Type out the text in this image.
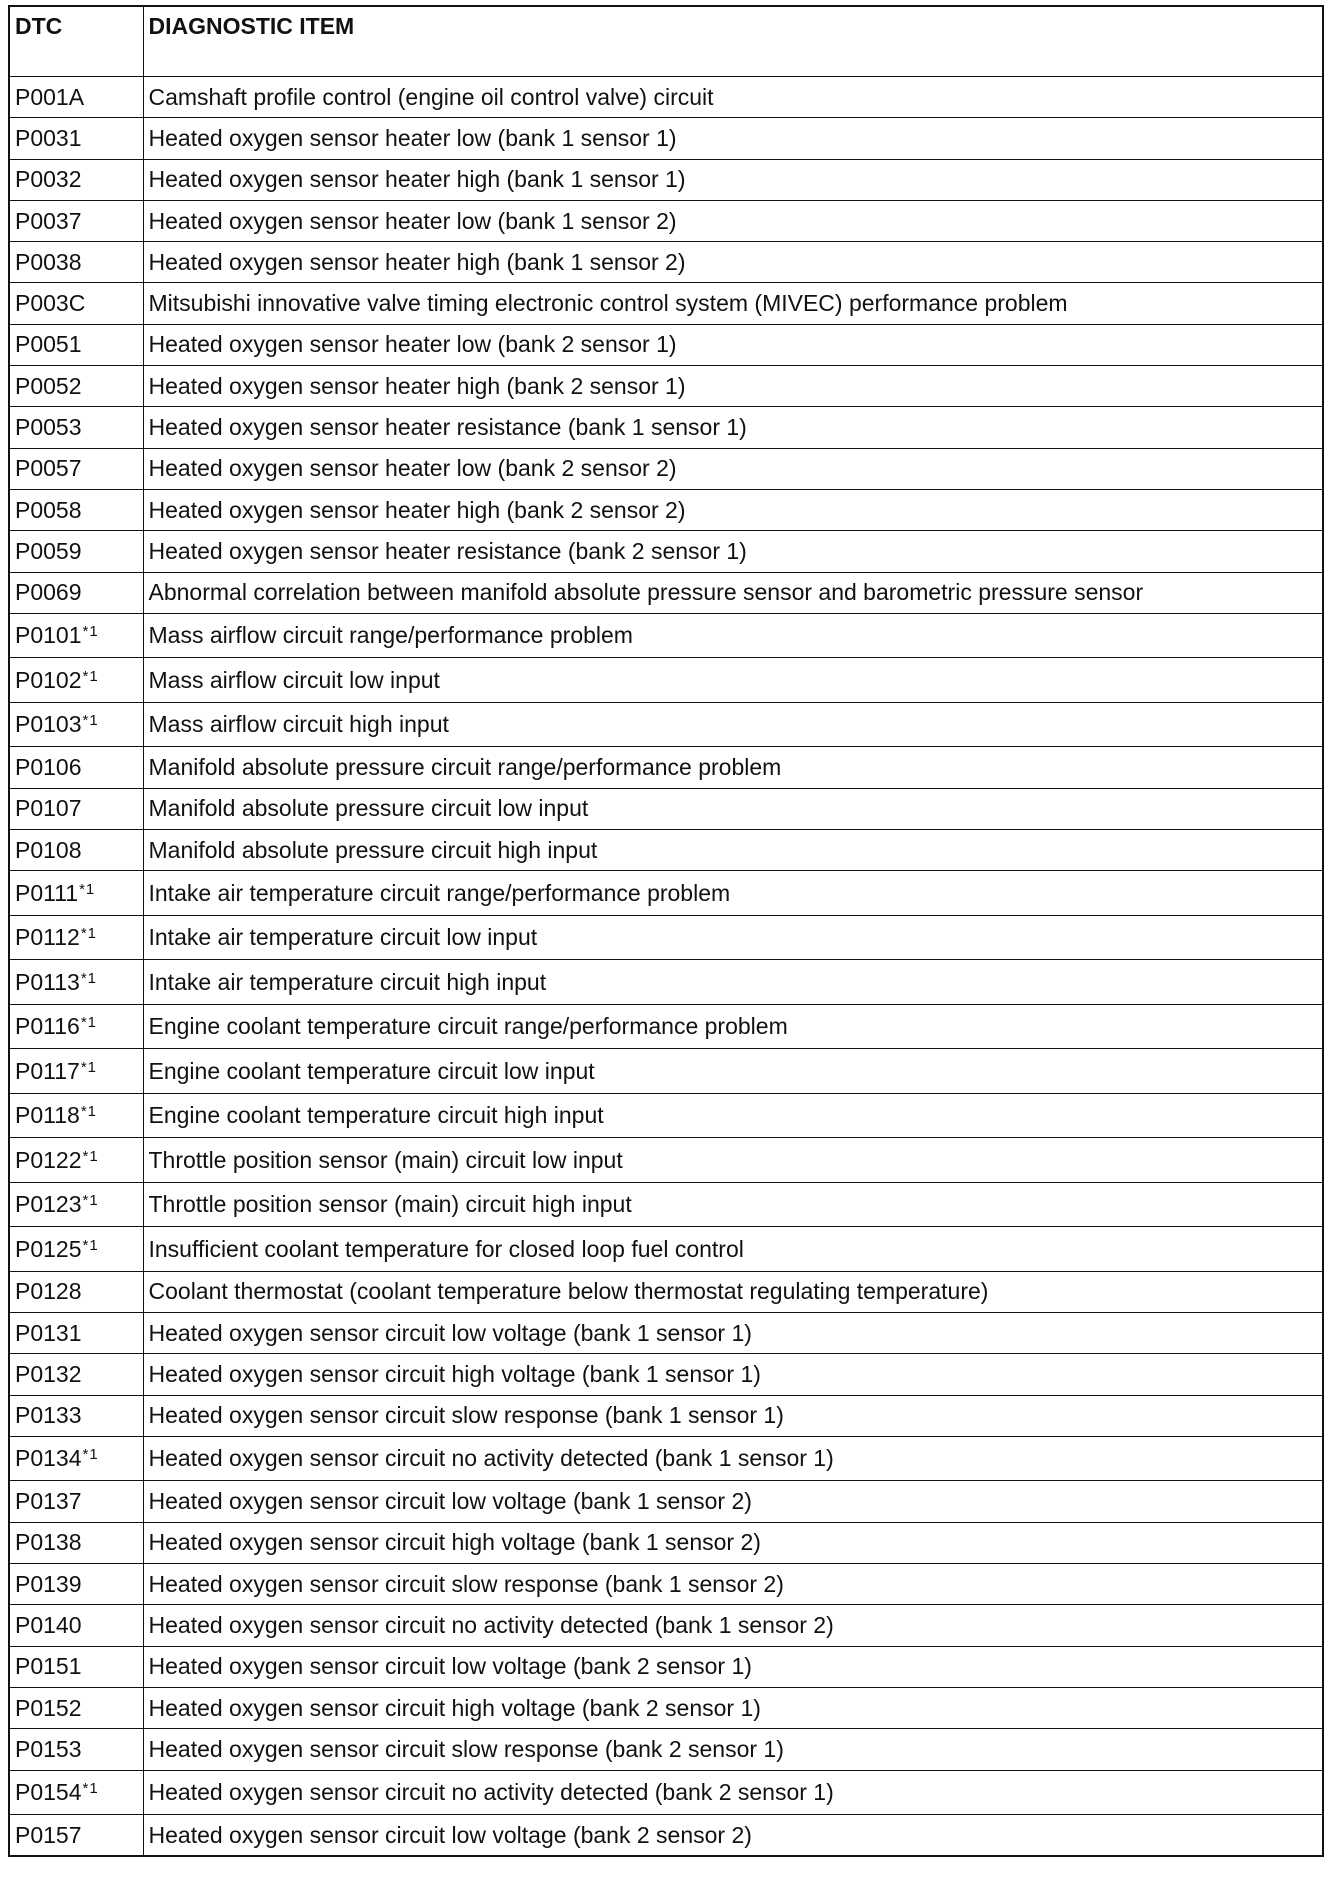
DTC	DIAGNOSTIC ITEM
P001A	Camshaft profile control (engine oil control valve) circuit
P0031	Heated oxygen sensor heater low (bank 1 sensor 1)
P0032	Heated oxygen sensor heater high (bank 1 sensor 1)
P0037	Heated oxygen sensor heater low (bank 1 sensor 2)
P0038	Heated oxygen sensor heater high (bank 1 sensor 2)
P003C	Mitsubishi innovative valve timing electronic control system (MIVEC) performance problem
P0051	Heated oxygen sensor heater low (bank 2 sensor 1)
P0052	Heated oxygen sensor heater high (bank 2 sensor 1)
P0053	Heated oxygen sensor heater resistance (bank 1 sensor 1)
P0057	Heated oxygen sensor heater low (bank 2 sensor 2)
P0058	Heated oxygen sensor heater high (bank 2 sensor 2)
P0059	Heated oxygen sensor heater resistance (bank 2 sensor 1)
P0069	Abnormal correlation between manifold absolute pressure sensor and barometric pressure sensor
P0101$^{*1}$	Mass airflow circuit range/performance problem
P0102$^{*1}$	Mass airflow circuit low input
P0103$^{*1}$	Mass airflow circuit high input
P0106	Manifold absolute pressure circuit range/performance problem
P0107	Manifold absolute pressure circuit low input
P0108	Manifold absolute pressure circuit high input
P0111$^{*1}$	Intake air temperature circuit range/performance problem
P0112$^{*1}$	Intake air temperature circuit low input
P0113$^{*1}$	Intake air temperature circuit high input
P0116$^{*1}$	Engine coolant temperature circuit range/performance problem
P0117$^{*1}$	Engine coolant temperature circuit low input
P0118$^{*1}$	Engine coolant temperature circuit high input
P0122$^{*1}$	Throttle position sensor (main) circuit low input
P0123$^{*1}$	Throttle position sensor (main) circuit high input
P0125$^{*1}$	Insufficient coolant temperature for closed loop fuel control
P0128	Coolant thermostat (coolant temperature below thermostat regulating temperature)
P0131	Heated oxygen sensor circuit low voltage (bank 1 sensor 1)
P0132	Heated oxygen sensor circuit high voltage (bank 1 sensor 1)
P0133	Heated oxygen sensor circuit slow response (bank 1 sensor 1)
P0134$^{*1}$	Heated oxygen sensor circuit no activity detected (bank 1 sensor 1)
P0137	Heated oxygen sensor circuit low voltage (bank 1 sensor 2)
P0138	Heated oxygen sensor circuit high voltage (bank 1 sensor 2)
P0139	Heated oxygen sensor circuit slow response (bank 1 sensor 2)
P0140	Heated oxygen sensor circuit no activity detected (bank 1 sensor 2)
P0151	Heated oxygen sensor circuit low voltage (bank 2 sensor 1)
P0152	Heated oxygen sensor circuit high voltage (bank 2 sensor 1)
P0153	Heated oxygen sensor circuit slow response (bank 2 sensor 1)
P0154$^{*1}$	Heated oxygen sensor circuit no activity detected (bank 2 sensor 1)
P0157	Heated oxygen sensor circuit low voltage (bank 2 sensor 2)
